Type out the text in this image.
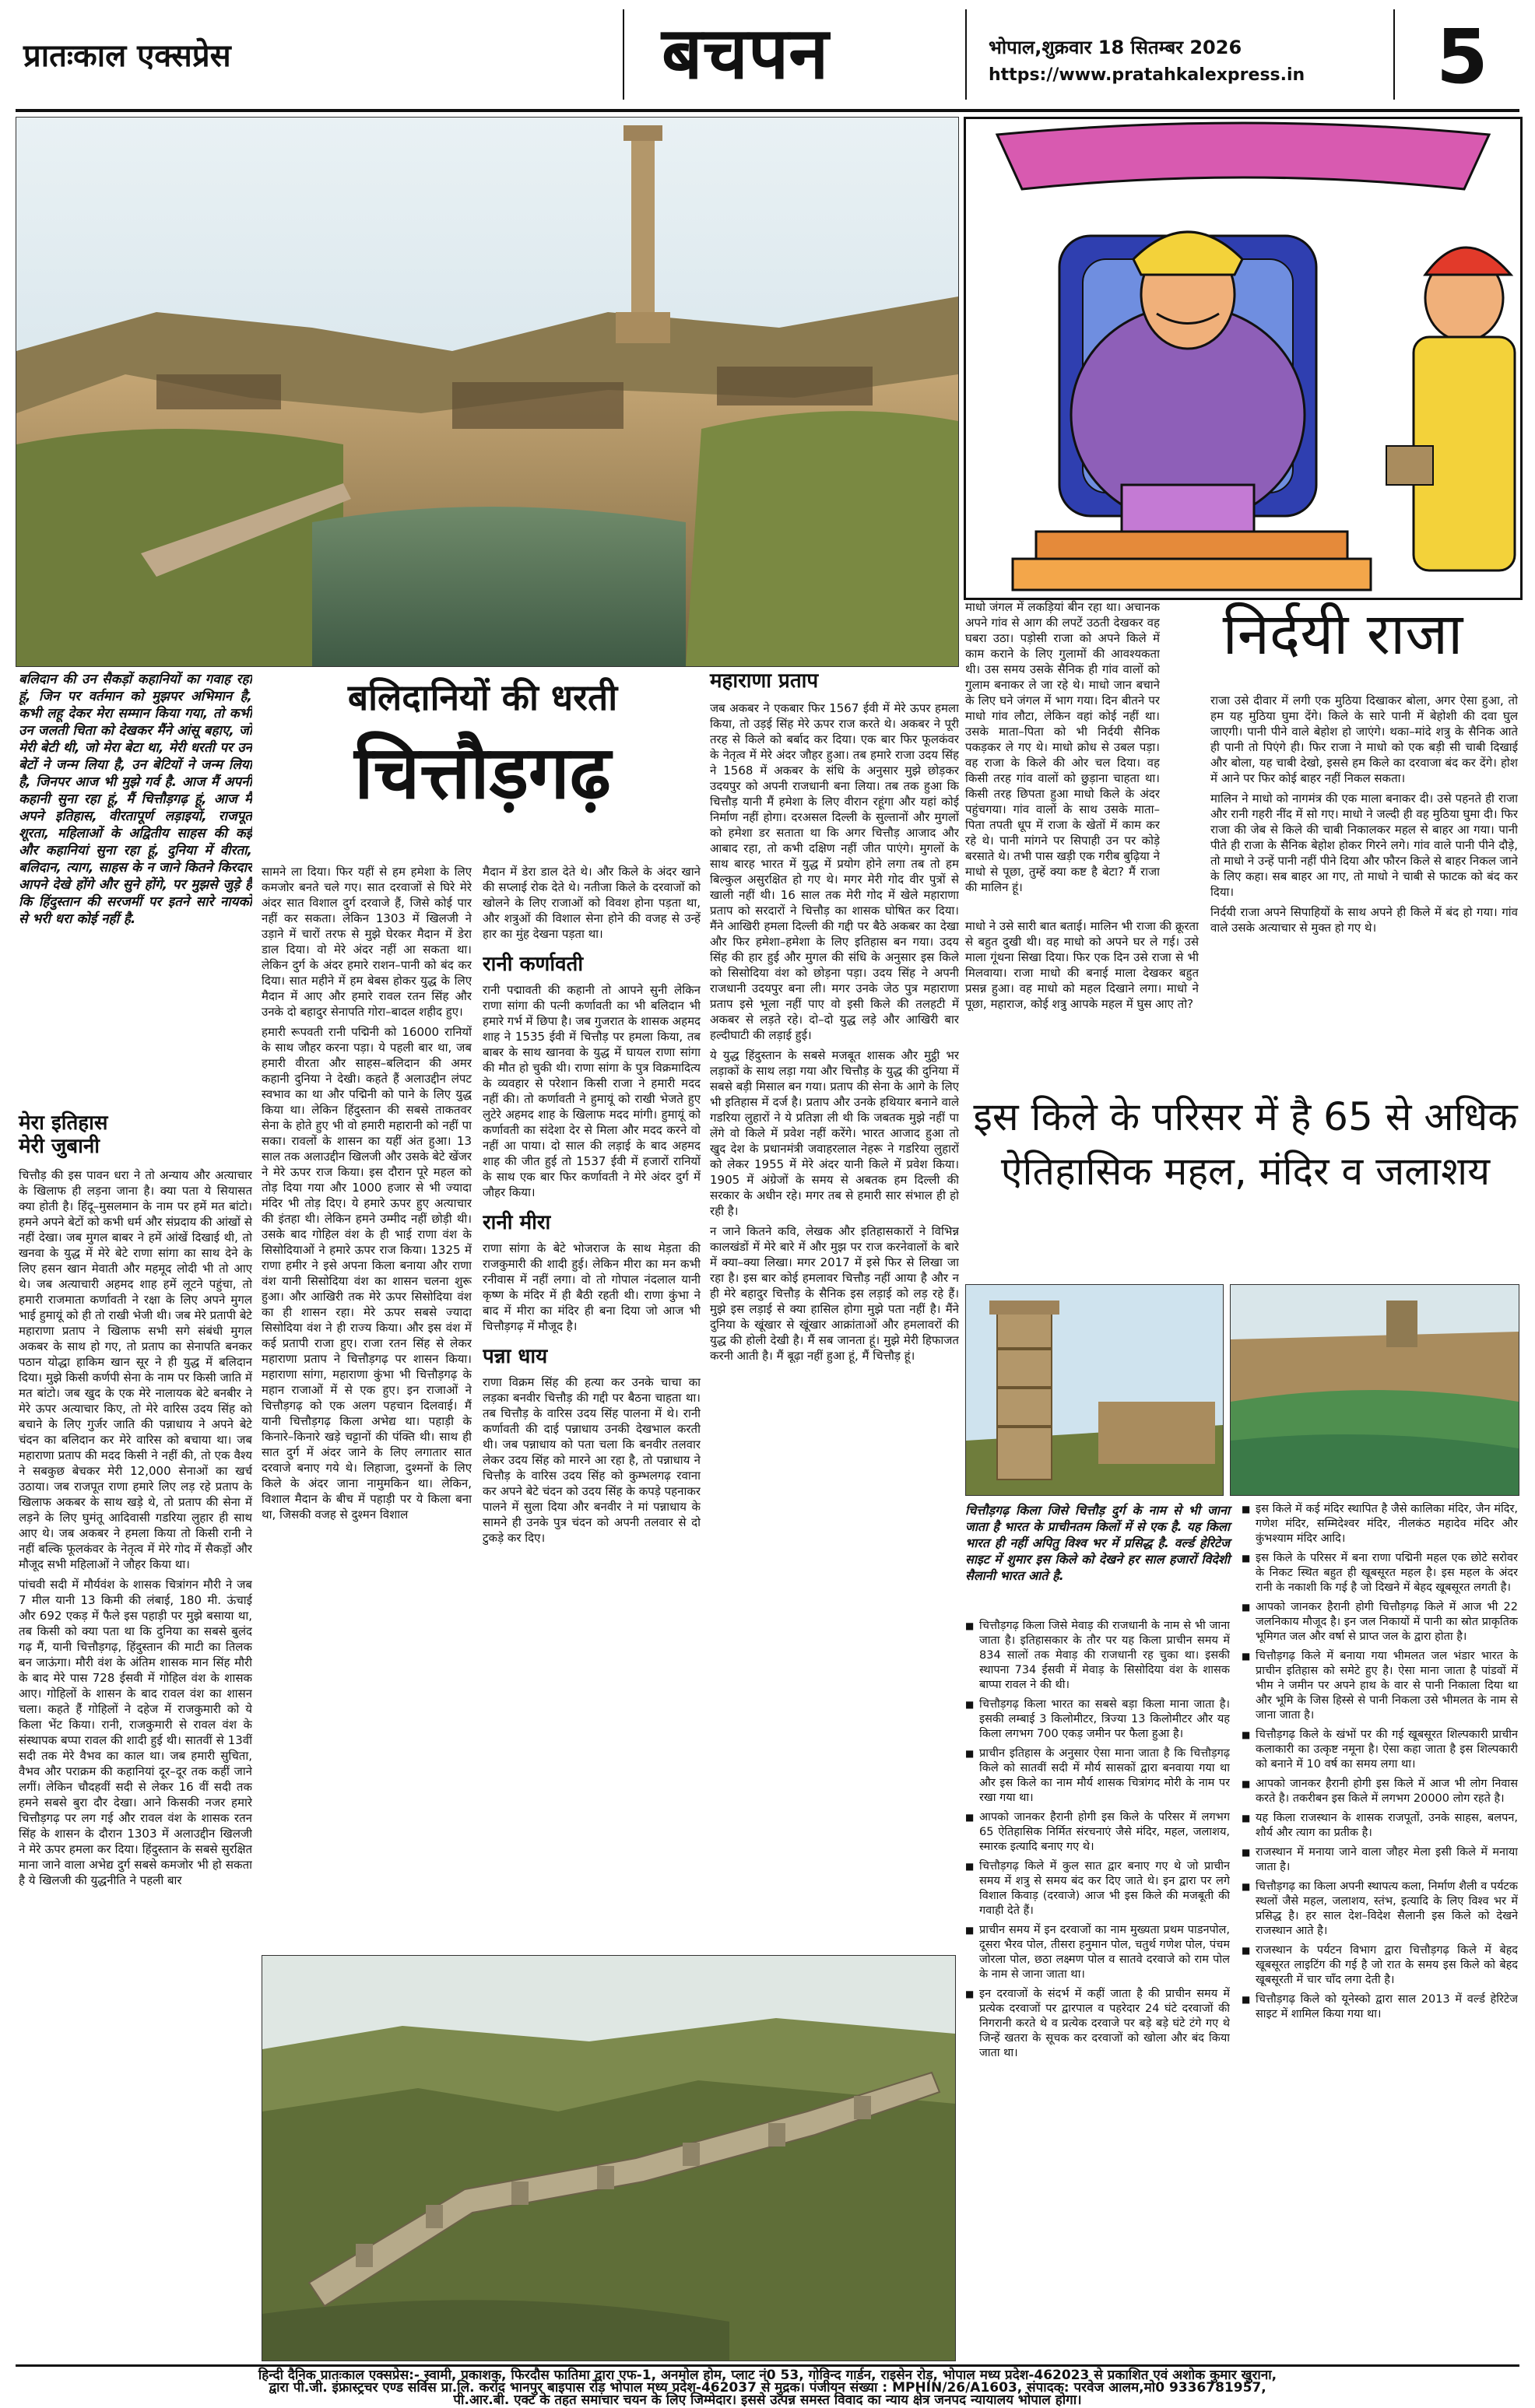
प्रातःकाल एक्सप्रेस	बचपन	भोपाल,शुक्रवार 18 सितम्बर 2026
https://www.pratahkalexpress.in 5
बलिदान की उन सैकड़ों कहानियों का गवाह रहा हूं, जिन पर वर्तमान को मुझपर अभिमान है, कभी लहू देकर मेरा सम्मान किया गया, तो कभी उन जलती चिता को देखकर मैंने आंसू बहाए, जो मेरी बेटी थी, जो मेरा बेटा था, मेरी धरती पर उन बेटों ने जन्म लिया है, उन बेटियों ने जन्म लिया है, जिनपर आज भी मुझे गर्व है. आज मैं अपनी कहानी सुना रहा हूं, मैं चित्तौड़गढ़ हूं, आज मैं अपने इतिहास, वीरतापूर्ण लड़ाइयों, राजपूत शूरता, महिलाओं के अद्वितीय साहस की कई और कहानियां सुना रहा हूं, दुनिया में वीरता, बलिदान, त्याग, साहस के न जाने कितने किरदार आपने देखे होंगे और सुने होंगे, पर मुझसे जुड़े हैं कि हिंदुस्तान की सरजमीं पर इतने सारे नायकों से भरी धरा कोई नहीं है.
बलिदानियों की धरती
चित्तौड़गढ़
मेरा इतिहास
मेरी जुबानी

चित्तौड़ की इस पावन धरा ने तो अन्याय और अत्याचार के खिलाफ ही लड़ना जाना है। क्या पता ये सियासत क्या होती है। हिंदू–मुसलमान के नाम पर हमें मत बांटो। हमने अपने बेटों को कभी धर्म और संप्रदाय की आंखों से नहीं देखा। जब मुगल बाबर ने हमें आंखें दिखाई थी, तो खनवा के युद्ध में मेरे बेटे राणा सांगा का साथ देने के लिए हसन खान मेवाती और महमूद लोदी भी तो आए थे। जब अत्याचारी अहमद शाह हमें लूटने पहुंचा, तो हमारी राजमाता कर्णावती ने रक्षा के लिए अपने मुगल भाई हुमायूं को ही तो राखी भेजी थी। जब मेरे प्रतापी बेटे महाराणा प्रताप ने खिलाफ सभी सगे संबंधी मुगल अकबर के साथ हो गए, तो प्रताप का सेनापति बनकर पठान योद्धा हाकिम खान सूर ने ही युद्ध में बलिदान दिया। मुझे किसी कर्णपी सेना के नाम पर किसी जाति में मत बांटो। जब खुद के एक मेरे नालायक बेटे बनबीर ने मेरे ऊपर अत्याचार किए, तो मेरे वारिस उदय सिंह को बचाने के लिए गुर्जर जाति की पन्नाधाय ने अपने बेटे चंदन का बलिदान कर मेरे वारिस को बचाया था। जब महाराणा प्रताप की मदद किसी ने नहीं की, तो एक वैश्य ने सबकुछ बेचकर मेरी 12,000 सेनाओं का खर्च उठाया। जब राजपूत राणा हमारे लिए लड़ रहे प्रताप के खिलाफ अकबर के साथ खड़े थे, तो प्रताप की सेना में लड़ने के लिए घुमंतू आदिवासी गडरिया लुहार ही साथ आए थे। जब अकबर ने हमला किया तो किसी रानी ने नहीं बल्कि फूलकंवर के नेतृत्व में मेरे गोद में सैकड़ों और मौजूद सभी महिलाओं ने जौहर किया था।

पांचवी सदी में मौर्यवंश के शासक चित्रांगन मौरी ने जब 7 मील यानी 13 किमी की लंबाई, 180 मी. ऊंचाई और 692 एकड़ में फैले इस पहाड़ी पर मुझे बसाया था, तब किसी को क्या पता था कि दुनिया का सबसे बुलंद गढ़ मैं, यानी चित्तौड़गढ़, हिंदुस्तान की माटी का तिलक बन जाऊंगा। मौरी वंश के अंतिम शासक मान सिंह मौरी के बाद मेरे पास 728 ईसवी में गोहिल वंश के शासक आए। गोहिलों के शासन के बाद रावल वंश का शासन चला। कहते हैं गोहिलों ने दहेज में राजकुमारी को ये किला भेंट किया। रानी, राजकुमारी से रावल वंश के संस्थापक बप्पा रावल की शादी हुई थी। सातवीं से 13वीं सदी तक मेरे वैभव का काल था। जब हमारी सुचिता, वैभव और पराक्रम की कहानियां दूर–दूर तक कहीं जाने लगीं। लेकिन चौदहवीं सदी से लेकर 16 वीं सदी तक हमने सबसे बुरा दौर देखा। आने किसकी नजर हमारे चित्तौड़गढ़ पर लग गई और रावल वंश के शासक रतन सिंह के शासन के दौरान 1303 में अलाउद्दीन खिलजी ने मेरे ऊपर हमला कर दिया। हिंदुस्तान के सबसे सुरक्षित माना जाने वाला अभेद्य दुर्ग सबसे कमजोर भी हो सकता है ये खिलजी की युद्धनीति ने पहली बार

सामने ला दिया। फिर यहीं से हम हमेशा के लिए कमजोर बनते चले गए। सात दरवाजों से घिरे मेरे अंदर सात विशाल दुर्ग दरवाजे हैं, जिसे कोई पार नहीं कर सकता। लेकिन 1303 में खिलजी ने उड़ाने में चारों तरफ से मुझे घेरकर मैदान में डेरा डाल दिया। वो मेरे अंदर नहीं आ सकता था। लेकिन दुर्ग के अंदर हमारे राशन–पानी को बंद कर दिया। सात महीने में हम बेबस होकर युद्ध के लिए मैदान में आए और हमारे रावल रतन सिंह और उनके दो बहादुर सेनापति गोरा–बादल शहीद हुए।

हमारी रूपवती रानी पद्मिनी को 16000 रानियों के साथ जौहर करना पड़ा। ये पहली बार था, जब हमारी वीरता और साहस–बलिदान की अमर कहानी दुनिया ने देखी। कहते हैं अलाउद्दीन लंपट स्वभाव का था और पद्मिनी को पाने के लिए युद्ध किया था। लेकिन हिंदुस्तान की सबसे ताकतवर सेना के होते हुए भी वो हमारी महारानी को नहीं पा सका। रावलों के शासन का यहीं अंत हुआ। 13 साल तक अलाउद्दीन खिलजी और उसके बेटे खेंजर ने मेरे ऊपर राज किया। इस दौरान पूरे महल को तोड़ दिया गया और 1000 हजार से भी ज्यादा मंदिर भी तोड़ दिए। ये हमारे ऊपर हुए अत्याचार की इंतहा थी। लेकिन हमने उम्मीद नहीं छोड़ी थी। उसके बाद गोहिल वंश के ही भाई राणा वंश के सिसोदियाओं ने हमारे ऊपर राज किया। 1325 में राणा हमीर ने इसे अपना किला बनाया और राणा वंश यानी सिसोदिया वंश का शासन चलना शुरू हुआ। और आखिरी तक मेरे ऊपर सिसोदिया वंश का ही शासन रहा। मेरे ऊपर सबसे ज्यादा सिसोदिया वंश ने ही राज्य किया। और इस वंश में कई प्रतापी राजा हुए। राजा रतन सिंह से लेकर महाराणा प्रताप ने चित्तौड़गढ़ पर शासन किया। महाराणा सांगा, महाराणा कुंभा भी चित्तौड़गढ़ के महान राजाओं में से एक हुए। इन राजाओं ने चित्तौड़गढ़ को एक अलग पहचान दिलवाई। मैं यानी चित्तौड़गढ़ किला अभेद्य था। पहाड़ी के किनारे–किनारे खड़े चट्टानों की पंक्ति थी। साथ ही सात दुर्ग में अंदर जाने के लिए लगातार सात दरवाजे बनाए गये थे। लिहाजा, दुश्मनों के लिए किले के अंदर जाना नामुमकिन था। लेकिन, विशाल मैदान के बीच में पहाड़ी पर ये किला बना था, जिसकी वजह से दुश्मन विशाल

मैदान में डेरा डाल देते थे। और किले के अंदर खाने की सप्लाई रोक देते थे। नतीजा किले के दरवाजों को खोलने के लिए राजाओं को विवश होना पड़ता था, और शत्रुओं की विशाल सेना होने की वजह से उन्हें हार का मुंह देखना पड़ता था।

रानी कर्णावती

रानी पद्मावती की कहानी तो आपने सुनी लेकिन राणा सांगा की पत्नी कर्णावती का भी बलिदान भी हमारे गर्भ में छिपा है। जब गुजरात के शासक अहमद शाह ने 1535 ईवी में चित्तौड़ पर हमला किया, तब बाबर के साथ खानवा के युद्ध में घायल राणा सांगा की मौत हो चुकी थी। राणा सांगा के पुत्र विक्रमादित्य के व्यवहार से परेशान किसी राजा ने हमारी मदद नहीं की। तो कर्णावती ने हुमायूं को राखी भेजते हुए लुटेरे अहमद शाह के खिलाफ मदद मांगी। हुमायूं को कर्णावती का संदेशा देर से मिला और मदद करने वो नहीं आ पाया। दो साल की लड़ाई के बाद अहमद शाह की जीत हुई तो 1537 ईवी में हजारों रानियों के साथ एक बार फिर कर्णावती ने मेरे अंदर दुर्ग में जौहर किया।

रानी मीरा

राणा सांगा के बेटे भोजराज के साथ मेड़ता की राजकुमारी की शादी हुई। लेकिन मीरा का मन कभी रनीवास में नहीं लगा। वो तो गोपाल नंदलाल यानी कृष्ण के मंदिर में ही बैठी रहती थी। राणा कुंभा ने बाद में मीरा का मंदिर ही बना दिया जो आज भी चित्तौड़गढ़ में मौजूद है।

पन्ना धाय

राणा विक्रम सिंह की हत्या कर उनके चाचा का लड़का बनवीर चित्तौड़ की गद्दी पर बैठना चाहता था। तब चित्तौड़ के वारिस उदय सिंह पालना में थे। रानी कर्णावती की दाई पन्नाधाय उनकी देखभाल करती थी। जब पन्नाधाय को पता चला कि बनवीर तलवार लेकर उदय सिंह को मारने आ रहा है, तो पन्नाधाय ने चित्तौड़ के वारिस उदय सिंह को कुम्भलगढ़ रवाना कर अपने बेटे चंदन को उदय सिंह के कपड़े पहनाकर पालने में सुला दिया और बनवीर ने मां पन्नाधाय के सामने ही उनके पुत्र चंदन को अपनी तलवार से दो टुकड़े कर दिए।

महाराणा प्रताप

जब अकबर ने एकबार फिर 1567 ईवी में मेरे ऊपर हमला किया, तो उड़ई सिंह मेरे ऊपर राज करते थे। अकबर ने पूरी तरह से किले को बर्बाद कर दिया। एक बार फिर फूलकंवर के नेतृत्व में मेरे अंदर जौहर हुआ। तब हमारे राजा उदय सिंह ने 1568 में अकबर के संधि के अनुसार मुझे छोड़कर उदयपुर को अपनी राजधानी बना लिया। तब तक हुआ कि चित्तौड़ यानी मैं हमेशा के लिए वीरान रहूंगा और यहां कोई निर्माण नहीं होगा। दरअसल दिल्ली के सुल्तानों और मुगलों को हमेशा डर सताता था कि अगर चित्तौड़ आजाद और आबाद रहा, तो कभी दक्षिण नहीं जीत पाएंगे। मुगलों के साथ बारह भारत में युद्ध में प्रयोग होने लगा तब तो हम बिल्कुल असुरक्षित हो गए थे। मगर मेरी गोद वीर पुत्रों से खाली नहीं थी। 16 साल तक मेरी गोद में खेले महाराणा प्रताप को सरदारों ने चित्तौड़ का शासक घोषित कर दिया। मैंने आखिरी हमला दिल्ली की गद्दी पर बैठे अकबर का देखा और फिर हमेशा–हमेशा के लिए इतिहास बन गया। उदय सिंह की हार हुई और मुगल की संधि के अनुसार इस किले को सिसोदिया वंश को छोड़ना पड़ा। उदय सिंह ने अपनी राजधानी उदयपुर बना ली। मगर उनके जेठ पुत्र महाराणा प्रताप इसे भूला नहीं पाए वो इसी किले की तलहटी में अकबर से लड़ते रहे। दो–दो युद्ध लड़े और आखिरी बार हल्दीघाटी की लड़ाई हुई।

ये युद्ध हिंदुस्तान के सबसे मजबूत शासक और मुट्ठी भर लड़ाकों के साथ लड़ा गया और चित्तौड़ के युद्ध की दुनिया में सबसे बड़ी मिसाल बन गया। प्रताप की सेना के आगे के लिए भी इतिहास में दर्ज है। प्रताप और उनके हथियार बनाने वाले गडरिया लुहारों ने ये प्रतिज्ञा ली थी कि जबतक मुझे नहीं पा लेंगे वो किले में प्रवेश नहीं करेंगे। भारत आजाद हुआ तो खुद देश के प्रधानमंत्री जवाहरलाल नेहरू ने गडरिया लुहारों को लेकर 1955 में मेरे अंदर यानी किले में प्रवेश किया। 1905 में अंग्रेजों के समय से अबतक हम दिल्ली की सरकार के अधीन रहे। मगर तब से हमारी सार संभाल ही हो रही है।

न जाने कितने कवि, लेखक और इतिहासकारों ने विभिन्न कालखंडों में मेरे बारे में और मुझ पर राज करनेवालों के बारे में क्या–क्या लिखा। मगर 2017 में इसे फिर से लिखा जा रहा है। इस बार कोई हमलावर चित्तौड़ नहीं आया है और न ही मेरे बहादुर चित्तौड़ के सैनिक इस लड़ाई को लड़ रहे हैं। मुझे इस लड़ाई से क्या हासिल होगा मुझे पता नहीं है। मैंने दुनिया के खूंखार से खूंखार आक्रांताओं और हमलावरों की युद्ध की होली देखी है। मैं सब जानता हूं। मुझे मेरी हिफाजत करनी आती है। मैं बूढ़ा नहीं हुआ हूं, मैं चित्तौड़ हूं।

माधो जंगल में लकड़ियां बीन रहा था। अचानक अपने गांव से आग की लपटें उठती देखकर वह घबरा उठा। पड़ोसी राजा को अपने किले में काम कराने के लिए गुलामों की आवश्यकता थी। उस समय उसके सैनिक ही गांव वालों को गुलाम बनाकर ले जा रहे थे। माधो जान बचाने के लिए घने जंगल में भाग गया। दिन बीतने पर माधो गांव लौटा, लेकिन वहां कोई नहीं था। उसके माता–पिता को भी निर्दयी सैनिक पकड़कर ले गए थे। माधो क्रोध से उबल पड़ा। वह राजा के किले की ओर चल दिया। वह किसी तरह गांव वालों को छुड़ाना चाहता था। किसी तरह छिपता हुआ माधो किले के अंदर पहुंचगया। गांव वालों के साथ उसके माता–पिता तपती धूप में राजा के खेतों में काम कर रहे थे। पानी मांगने पर सिपाही उन पर कोड़े बरसाते थे। तभी पास खड़ी एक गरीब बुढ़िया ने माधो से पूछा, तुम्हें क्या कष्ट है बेटा? मैं राजा की मालिन हूं।
निर्दयी राजा
माधो ने उसे सारी बात बताई। मालिन भी राजा की क्रूरता से बहुत दुखी थी। वह माधो को अपने घर ले गई। उसे माला गूंथना सिखा दिया। फिर एक दिन उसे राजा से भी मिलवाया। राजा माधो की बनाई माला देखकर बहुत प्रसन्न हुआ। वह माधो को महल दिखाने लगा। माधो ने पूछा, महाराज, कोई शत्रु आपके महल में घुस आए तो?

राजा उसे दीवार में लगी एक मुठिया दिखाकर बोला, अगर ऐसा हुआ, तो हम यह मुठिया घुमा देंगे। किले के सारे पानी में बेहोशी की दवा घुल जाएगी। पानी पीने वाले बेहोश हो जाएंगे। थका–मांदे शत्रु के सैनिक आते ही पानी तो पिएंगे ही। फिर राजा ने माधो को एक बड़ी सी चाबी दिखाई और बोला, यह चाबी देखो, इससे हम किले का दरवाजा बंद कर देंगे। होश में आने पर फिर कोई बाहर नहीं निकल सकता।

मालिन ने माधो को नागमंत्र की एक माला बनाकर दी। उसे पहनते ही राजा और रानी गहरी नींद में सो गए। माधो ने जल्दी ही वह मुठिया घुमा दी। फिर राजा की जेब से किले की चाबी निकालकर महल से बाहर आ गया। पानी पीते ही राजा के सैनिक बेहोश होकर गिरने लगे। गांव वाले पानी पीने दौड़े, तो माधो ने उन्हें पानी नहीं पीने दिया और फौरन किले से बाहर निकल जाने के लिए कहा। सब बाहर आ गए, तो माधो ने चाबी से फाटक को बंद कर दिया।

निर्दयी राजा अपने सिपाहियों के साथ अपने ही किले में बंद हो गया। गांव वाले उसके अत्याचार से मुक्त हो गए थे।

इस किले के परिसर में है 65 से अधिक ऐतिहासिक महल, मंदिर व जलाशय
चित्तौड़गढ़ किला जिसे चित्तौड़ दुर्ग के नाम से भी जाना जाता है भारत के प्राचीनतम किलों में से एक है. यह किला भारत ही नहीं अपितु विश्व भर में प्रसिद्ध है. वर्ल्ड हेरिटेज साइट में शुमार इस किले को देखने हर साल हजारों विदेशी सैलानी भारत आते है.

■ चित्तौड़गढ़ किला जिसे मेवाड़ की राजधानी के नाम से भी जाना जाता है। इतिहासकार के तौर पर यह किला प्राचीन समय में 834 सालों तक मेवाड़ की राजधानी रह चुका था। इसकी स्थापना 734 ईसवी में मेवाड़ के सिसोदिया वंश के शासक बाप्पा रावल ने की थी।

■ चित्तौड़गढ़ किला भारत का सबसे बड़ा किला माना जाता है। इसकी लम्बाई 3 किलोमीटर, त्रिज्या 13 किलोमीटर और यह किला लगभग 700 एकड़ जमीन पर फैला हुआ है।

■ प्राचीन इतिहास के अनुसार ऐसा माना जाता है कि चित्तौड़गढ़ किले को सातवीं सदी में मौर्य सासकों द्वारा बनवाया गया था और इस किले का नाम मौर्य शासक चित्रांगद मोरी के नाम पर रखा गया था।

■ आपको जानकर हैरानी होगी इस किले के परिसर में लगभग 65 ऐतिहासिक निर्मित संरचनाएं जैसे मंदिर, महल, जलाशय, स्मारक इत्यादि बनाए गए थे।

■ चित्तौड़गढ़ किले में कुल सात द्वार बनाए गए थे जो प्राचीन समय में शत्रु से समय बंद कर दिए जाते थे। इन द्वारा पर लगे विशाल किवाड़ (दरवाजे) आज भी इस किले की मजबूती की गवाही देते हैं।

■ प्राचीन समय में इन दरवाजों का नाम मुख्यता प्रथम पाडनपोल, दूसरा भैरव पोल, तीसरा हनुमान पोल, चतुर्थ गणेश पोल, पंचम जोरला पोल, छठा लक्ष्मण पोल व सातवे दरवाजे को राम पोल के नाम से जाना जाता था।

■ इन दरवाजों के संदर्भ में कहीं जाता है की प्राचीन समय में प्रत्येक दरवाजों पर द्वारपाल व पहरेदार 24 घंटे दरवाजों की निगरानी करते थे व प्रत्येक दरवाजे पर बड़े बड़े घंटे टंगे गए थे जिन्हें खतरा के सूचक कर दरवाजों को खोला और बंद किया जाता था।

■ इस किले में कई मंदिर स्थापित है जैसे कालिका मंदिर, जैन मंदिर, गणेश मंदिर, सम्मिदेश्वर मंदिर, नीलकंठ महादेव मंदिर और कुंभश्याम मंदिर आदि।

■ इस किले के परिसर में बना राणा पद्मिनी महल एक छोटे सरोवर के निकट स्थित बहुत ही खूबसूरत महल है। इस महल के अंदर रानी के नकाशी कि गई है जो दिखने में बेहद खूबसूरत लगती है।

■ आपको जानकर हैरानी होगी चित्तौड़गढ़ किले में आज भी 22 जलनिकाय मौजूद है। इन जल निकायों में पानी का स्रोत प्राकृतिक भूमिगत जल और वर्षा से प्राप्त जल के द्वारा होता है।

■ चित्तौड़गढ़ किले में बनाया गया भीमलत जल भंडार भारत के प्राचीन इतिहास को समेटे हुए है। ऐसा माना जाता है पांडवों में भीम ने जमीन पर अपने हाथ के वार से पानी निकाला दिया था और भूमि के जिस हिस्से से पानी निकला उसे भीमलत के नाम से जाना जाता है।

■ चित्तौड़गढ़ किले के खंभों पर की गई खूबसूरत शिल्पकारी प्राचीन कलाकारी का उत्कृष्ट नमूना है। ऐसा कहा जाता है इस शिल्पकारी को बनाने में 10 वर्ष का समय लगा था।

■ आपको जानकर हैरानी होगी इस किले में आज भी लोग निवास करते है। तकरीबन इस किले में लगभग 20000 लोग रहते है।

■ यह किला राजस्थान के शासक राजपूतों, उनके साहस, बलपन, शौर्य और त्याग का प्रतीक है।

■ राजस्थान में मनाया जाने वाला जौहर मेला इसी किले में मनाया जाता है।

■ चित्तौड़गढ़ का किला अपनी स्थापत्य कला, निर्माण शैली व पर्यटक स्थलों जैसे महल, जलाशय, स्तंभ, इत्यादि के लिए विश्व भर में प्रसिद्ध है। हर साल देश–विदेश सैलानी इस किले को देखने राजस्थान आते है।

■ राजस्थान के पर्यटन विभाग द्वारा चित्तौड़गढ़ किले में बेहद खूबसूरत लाइटिंग की गई है जो रात के समय इस किले को बेहद खूबसूरती में चार चाँद लगा देती है।

■ चित्तौड़गढ़ किले को यूनेस्को द्वारा साल 2013 में वर्ल्ड हेरिटेज साइट में शामिल किया गया था।

हिन्दी दैनिक प्रातःकाल एक्सप्रेस:- स्वामी, प्रकाशक, फिरदौस फातिमा द्वारा एफ-1, अनमोल होम, प्लाट नं0 53, गोविन्द गार्डन, राइसेन रोड़, भोपाल मध्य प्रदेश-462023 से प्रकाशित एवं अशोक कुमार खुराना,
द्वारा पी.जी. इंफ्रास्ट्रचर एण्ड सर्विस प्रा.लि. करोंद भानपुर बाइपास रोड़ भोपाल मध्य प्रदेश-462037 से मुद्रक। पंजीयन संख्या : MPHIN/26/A1603, संपादक: परवेज आलम,मो0 9336781957,
पी.आर.बी. एक्ट के तहत समाचार चयन के लिए जिम्मेदार। इससे उत्पन्न समस्त विवाद का न्याय क्षेत्र जनपद न्यायालय भोपाल होगा।
